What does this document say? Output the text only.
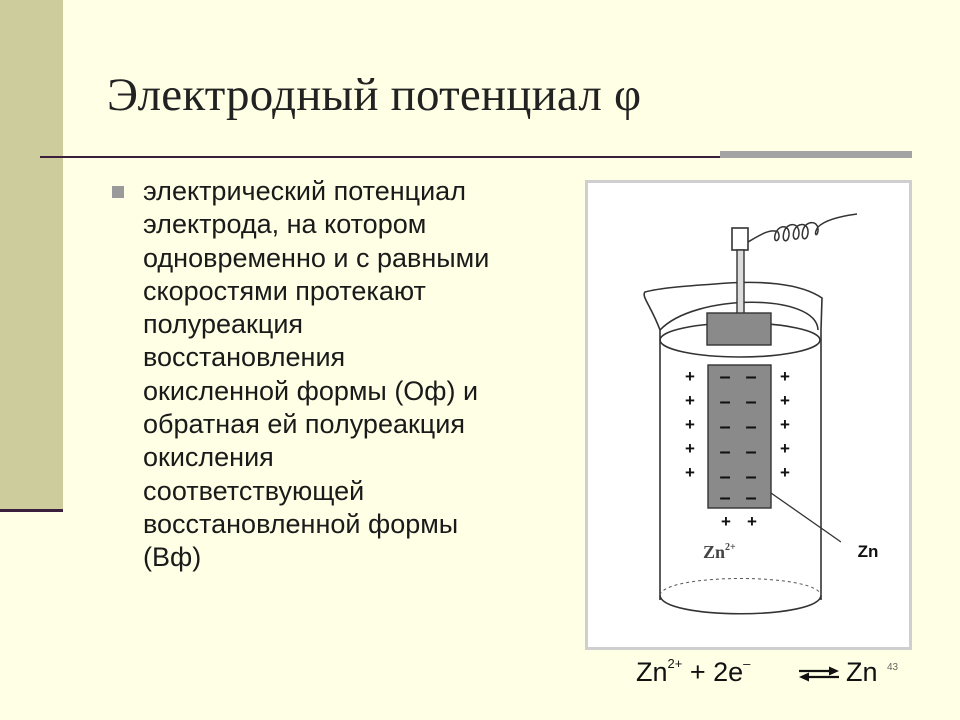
Электродный потенциал φ
электрический потенциал
электрода, на котором
одновременно и с равными
скоростями протекают
полуреакция
восстановления
окисленной формы (Оф) и
обратная ей полуреакция
окисления
соответствующей
восстановленной формы
(Вф)
– –
– –
– –
– –
– –
– –
+	+
+	+
+	+
+	+
+	+
+ +
$Zn^{2+}$	Zn
$Zn^{2+} + 2e^-$ ⇌ Zn 43
